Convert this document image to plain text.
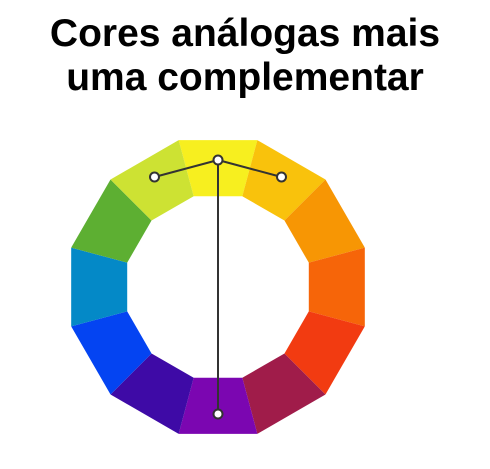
Cores análogas mais
uma complementar
